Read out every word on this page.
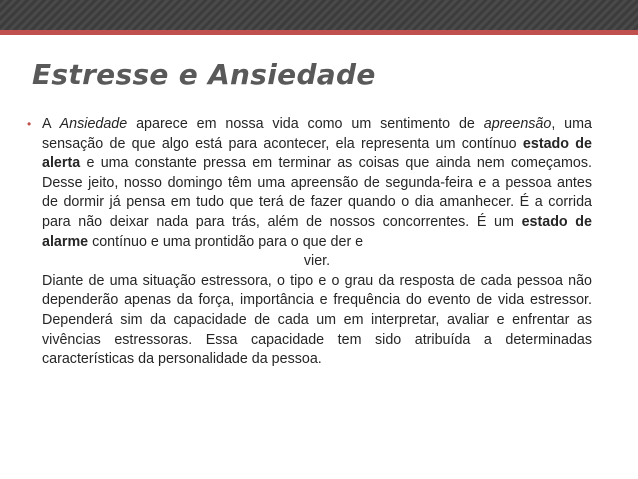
Estresse e Ansiedade
• A Ansiedade aparece em nossa vida como um sentimento de apreensão, uma sensação de que algo está para acontecer, ela representa um contínuo estado de alerta e uma constante pressa em terminar as coisas que ainda nem começamos. Desse jeito, nosso domingo têm uma apreensão de segunda-feira e a pessoa antes de dormir já pensa em tudo que terá de fazer quando o dia amanhecer. É a corrida para não deixar nada para trás, além de nossos concorrentes. É um estado de alarme contínuo e uma prontidão para o que der e

vier.

Diante de uma situação estressora, o tipo e o grau da resposta de cada pessoa não dependerão apenas da força, importância e frequência do evento de vida estressor. Dependerá sim da capacidade de cada um em interpretar, avaliar e enfrentar as vivências estressoras. Essa capacidade tem sido atribuída a determinadas características da personalidade da pessoa.
